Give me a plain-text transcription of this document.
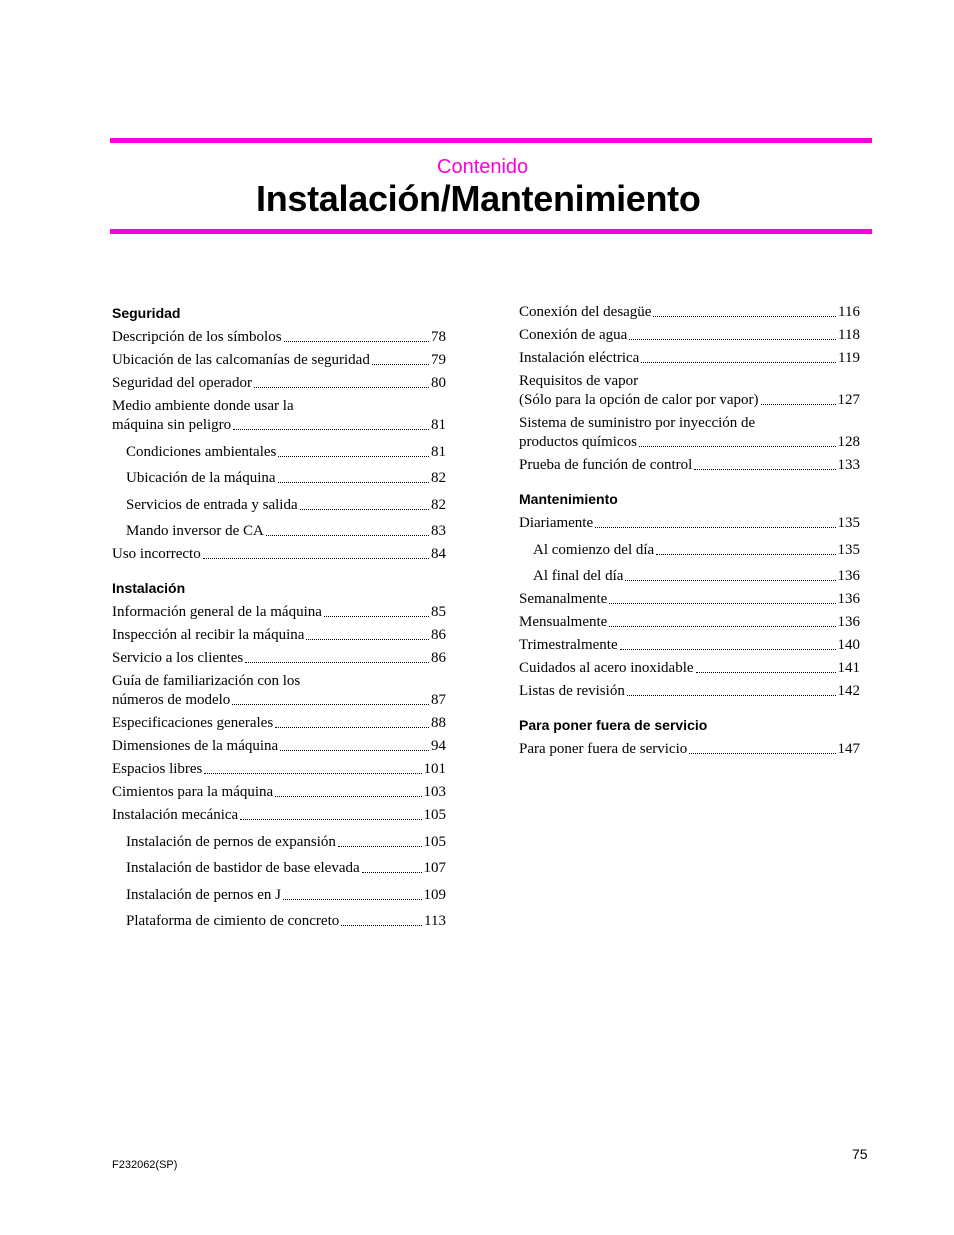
Contenido
Instalación/Mantenimiento
Seguridad
Descripción de los símbolos	78
Ubicación de las calcomanías de seguridad	79
Seguridad del operador	80
Medio ambiente donde usar la
máquina sin peligro	81
Condiciones ambientales	81
Ubicación de la máquina	82
Servicios de entrada y salida	82
Mando inversor de CA	83
Uso incorrecto	84
Instalación
Información general de la máquina	85
Inspección al recibir la máquina	86
Servicio a los clientes	86
Guía de familiarización con los
números de modelo	87
Especificaciones generales	88
Dimensiones de la máquina	94
Espacios libres	101
Cimientos para la máquina	103
Instalación mecánica	105
Instalación de pernos de expansión	105
Instalación de bastidor de base elevada	107
Instalación de pernos en J	109
Plataforma de cimiento de concreto	113
Conexión del desagüe	116
Conexión de agua	118
Instalación eléctrica	119
Requisitos de vapor
(Sólo para la opción de calor por vapor)	127
Sistema de suministro por inyección de
productos químicos	128
Prueba de función de control	133
Mantenimiento
Diariamente	135
Al comienzo del día	135
Al final del día	136
Semanalmente	136
Mensualmente	136
Trimestralmente	140
Cuidados al acero inoxidable	141
Listas de revisión	142
Para poner fuera de servicio
Para poner fuera de servicio	147
75
F232062(SP)
